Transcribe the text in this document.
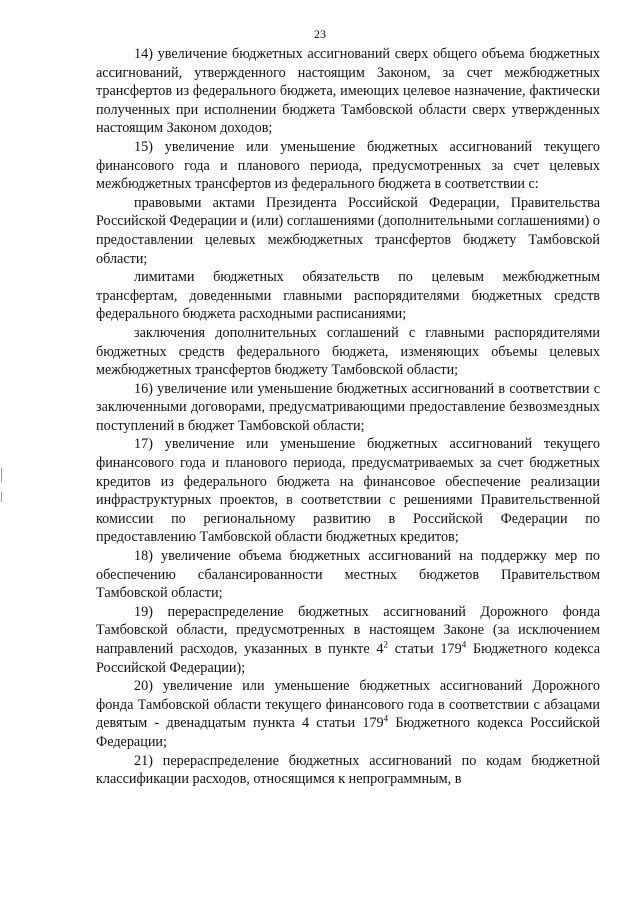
23

14) увеличение бюджетных ассигнований сверх общего объема бюджетных ассигнований, утвержденного настоящим Законом, за счет межбюджетных трансфертов из федерального бюджета, имеющих целевое назначение, фактически полученных при исполнении бюджета Тамбовской области сверх утвержденных настоящим Законом доходов;

15) увеличение или уменьшение бюджетных ассигнований текущего финансового года и планового периода, предусмотренных за счет целевых межбюджетных трансфертов из федерального бюджета в соответствии с:

правовыми актами Президента Российской Федерации, Правительства Российской Федерации и (или) соглашениями (дополнительными соглашениями) о предоставлении целевых межбюджетных трансфертов бюджету Тамбовской области;

лимитами бюджетных обязательств по целевым межбюджетным трансфертам, доведенными главными распорядителями бюджетных средств федерального бюджета расходными расписаниями;

заключения дополнительных соглашений с главными распорядителями бюджетных средств федерального бюджета, изменяющих объемы целевых межбюджетных трансфертов бюджету Тамбовской области;

16) увеличение или уменьшение бюджетных ассигнований в соответствии с заключенными договорами, предусматривающими предоставление безвозмездных поступлений в бюджет Тамбовской области;

17) увеличение или уменьшение бюджетных ассигнований текущего финансового года и планового периода, предусматриваемых за счет бюджетных кредитов из федерального бюджета на финансовое обеспечение реализации инфраструктурных проектов, в соответствии с решениями Правительственной комиссии по региональному развитию в Российской Федерации по предоставлению Тамбовской области бюджетных кредитов;

18) увеличение объема бюджетных ассигнований на поддержку мер по обеспечению сбалансированности местных бюджетов Правительством Тамбовской области;

19) перераспределение бюджетных ассигнований Дорожного фонда Тамбовской области, предусмотренных в настоящем Законе (за исключением направлений расходов, указанных в пункте $4^2$ статьи $179^4$ Бюджетного кодекса Российской Федерации);

20) увеличение или уменьшение бюджетных ассигнований Дорожного фонда Тамбовской области текущего финансового года в соответствии с абзацами девятым - двенадцатым пункта 4 статьи $179^4$ Бюджетного кодекса Российской Федерации;

21) перераспределение бюджетных ассигнований по кодам бюджетной классификации расходов, относящимся к непрограммным, в
